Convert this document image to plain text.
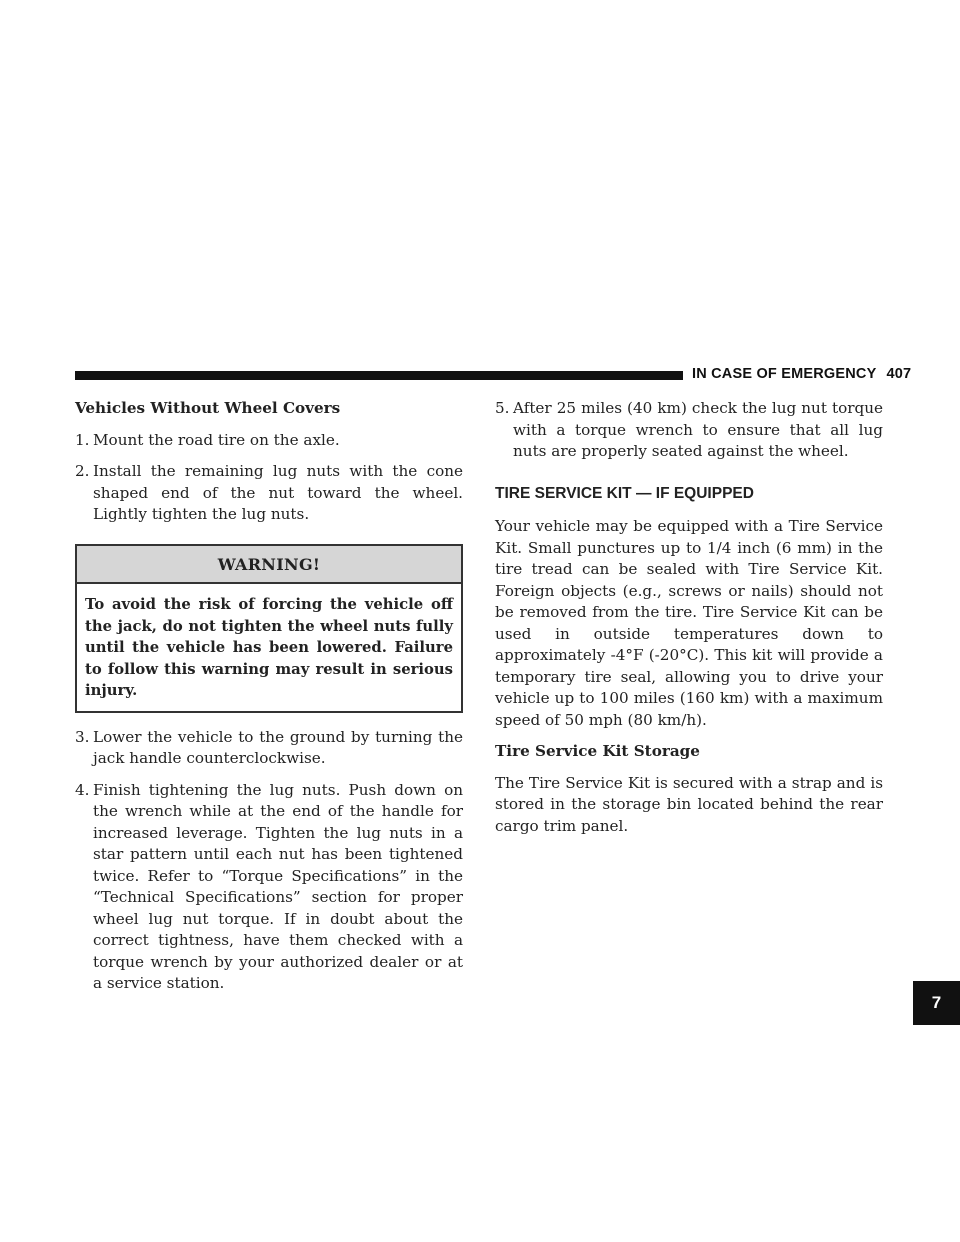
IN CASE OF EMERGENCY 407
Vehicles Without Wheel Covers
1. Mount the road tire on the axle.
2. Install the remaining lug nuts with the cone shaped end of the nut toward the wheel. Lightly tighten the lug nuts.
WARNING!
To avoid the risk of forcing the vehicle off the jack, do not tighten the wheel nuts fully until the vehicle has been lowered. Failure to follow this warning may result in serious injury.
3. Lower the vehicle to the ground by turning the jack handle counterclockwise.
4. Finish tightening the lug nuts. Push down on the wrench while at the end of the handle for increased leverage. Tighten the lug nuts in a star pattern until each nut has been tightened twice. Refer to “Torque Specifications” in the “Technical Specifications” section for proper wheel lug nut torque. If in doubt about the correct tightness, have them checked with a torque wrench by your authorized dealer or at a service station.
5. After 25 miles (40 km) check the lug nut torque with a torque wrench to ensure that all lug nuts are properly seated against the wheel.
TIRE SERVICE KIT — IF EQUIPPED

Your vehicle may be equipped with a Tire Service Kit. Small punctures up to 1/4 inch (6 mm) in the tire tread can be sealed with Tire Service Kit. Foreign objects (e.g., screws or nails) should not be removed from the tire. Tire Service Kit can be used in outside temperatures down to approximately -4°F (-20°C). This kit will provide a temporary tire seal, allowing you to drive your vehicle up to 100 miles (160 km) with a maximum speed of 50 mph (80 km/h).

Tire Service Kit Storage

The Tire Service Kit is secured with a strap and is stored in the storage bin located behind the rear cargo trim panel.

7
